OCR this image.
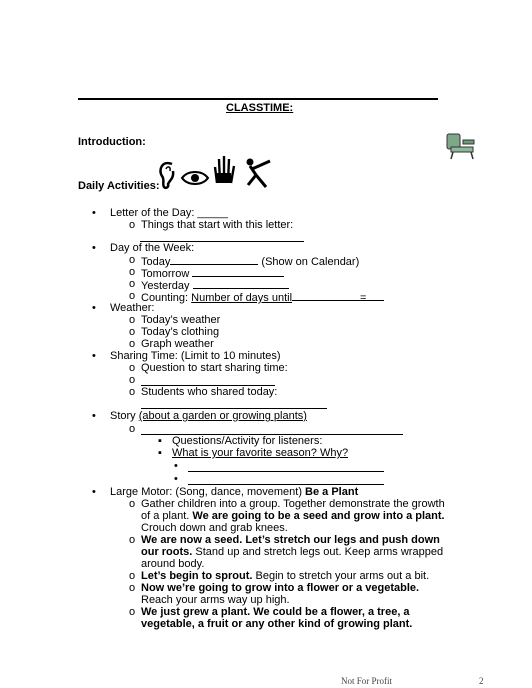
CLASSTIME:
Introduction:
Daily Activities:
• Letter of the Day: _____
o Things that start with this letter:
• Day of the Week:
o Today	(Show on Calendar)
o Tomorrow
o Yesterday
o Counting: Number of days until	=
• Weather:
o Today’s weather
o Today’s clothing
o Graph weather
• Sharing Time: (Limit to 10 minutes)
o Question to start sharing time:
o
o Students who shared today:
• Story (about a garden or growing plants)
o
▪ Questions/Activity for listeners:
▪ What is your favorite season? Why?
•
•
• Large Motor: (Song, dance, movement) Be a Plant
o Gather children into a group. Together demonstrate the growth
of a plant. We are going to be a seed and grow into a plant.
Crouch down and grab knees.
o We are now a seed. Let’s stretch our legs and push down
our roots. Stand up and stretch legs out. Keep arms wrapped
around body.
o Let’s begin to sprout. Begin to stretch your arms out a bit.
o Now we’re going to grow into a flower or a vegetable.
Reach your arms way up high.
o We just grew a plant. We could be a flower, a tree, a
vegetable, a fruit or any other kind of growing plant.
Not For Profit	2
